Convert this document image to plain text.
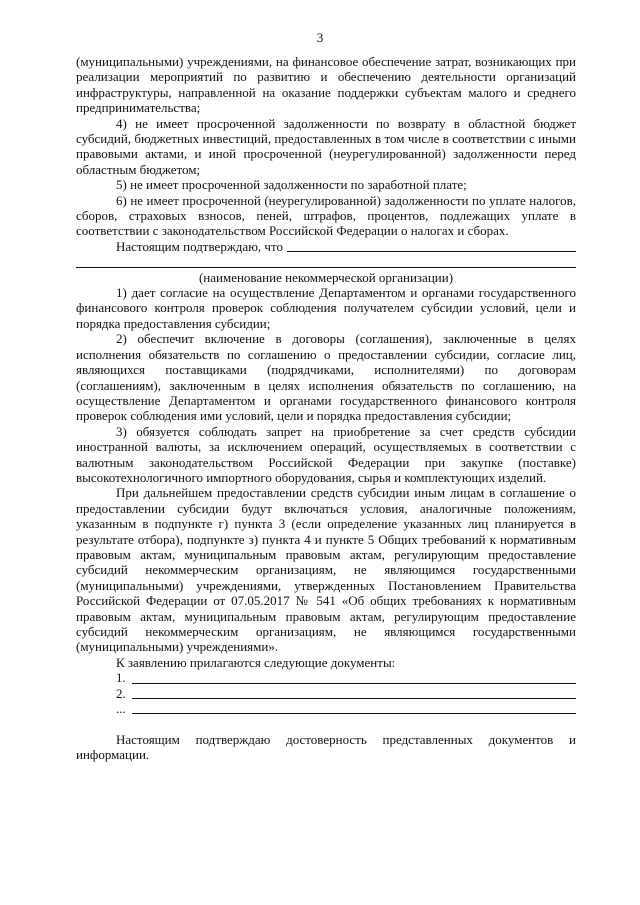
3

(муниципальными) учреждениями, на финансовое обеспечение затрат, возникающих при реализации мероприятий по развитию и обеспечению деятельности организаций инфраструктуры, направленной на оказание поддержки субъектам малого и среднего предпринимательства;

4) не имеет просроченной задолженности по возврату в областной бюджет субсидий, бюджетных инвестиций, предоставленных в том числе в соответствии с иными правовыми актами, и иной просроченной (неурегулированной) задолженности перед областным бюджетом;

5) не имеет просроченной задолженности по заработной плате;

6) не имеет просроченной (неурегулированной) задолженности по уплате налогов, сборов, страховых взносов, пеней, штрафов, процентов, подлежащих уплате в соответствии с законодательством Российской Федерации о налогах и сборах.

Настоящим подтверждаю, что

(наименование некоммерческой организации)

1) дает согласие на осуществление Департаментом и органами государственного финансового контроля проверок соблюдения получателем субсидии условий, цели и порядка предоставления субсидии;

2) обеспечит включение в договоры (соглашения), заключенные в целях исполнения обязательств по соглашению о предоставлении субсидии, согласие лиц, являющихся поставщиками (подрядчиками, исполнителями) по договорам (соглашениям), заключенным в целях исполнения обязательств по соглашению, на осуществление Департаментом и органами государственного финансового контроля проверок соблюдения ими условий, цели и порядка предоставления субсидии;

3) обязуется соблюдать запрет на приобретение за счет средств субсидии иностранной валюты, за исключением операций, осуществляемых в соответствии с валютным законодательством Российской Федерации при закупке (поставке) высокотехнологичного импортного оборудования, сырья и комплектующих изделий.

При дальнейшем предоставлении средств субсидии иным лицам в соглашение о предоставлении субсидии будут включаться условия, аналогичные положениям, указанным в подпункте г) пункта 3 (если определение указанных лиц планируется в результате отбора), подпункте з) пункта 4 и пункте 5 Общих требований к нормативным правовым актам, муниципальным правовым актам, регулирующим предоставление субсидий некоммерческим организациям, не являющимся государственными (муниципальными) учреждениями, утвержденных Постановлением Правительства Российской Федерации от 07.05.2017 № 541 «Об общих требованиях к нормативным правовым актам, муниципальным правовым актам, регулирующим предоставление субсидий некоммерческим организациям, не являющимся государственными (муниципальными) учреждениями».

К заявлению прилагаются следующие документы:

1.
2.
...

Настоящим подтверждаю достоверность представленных документов и информации.
